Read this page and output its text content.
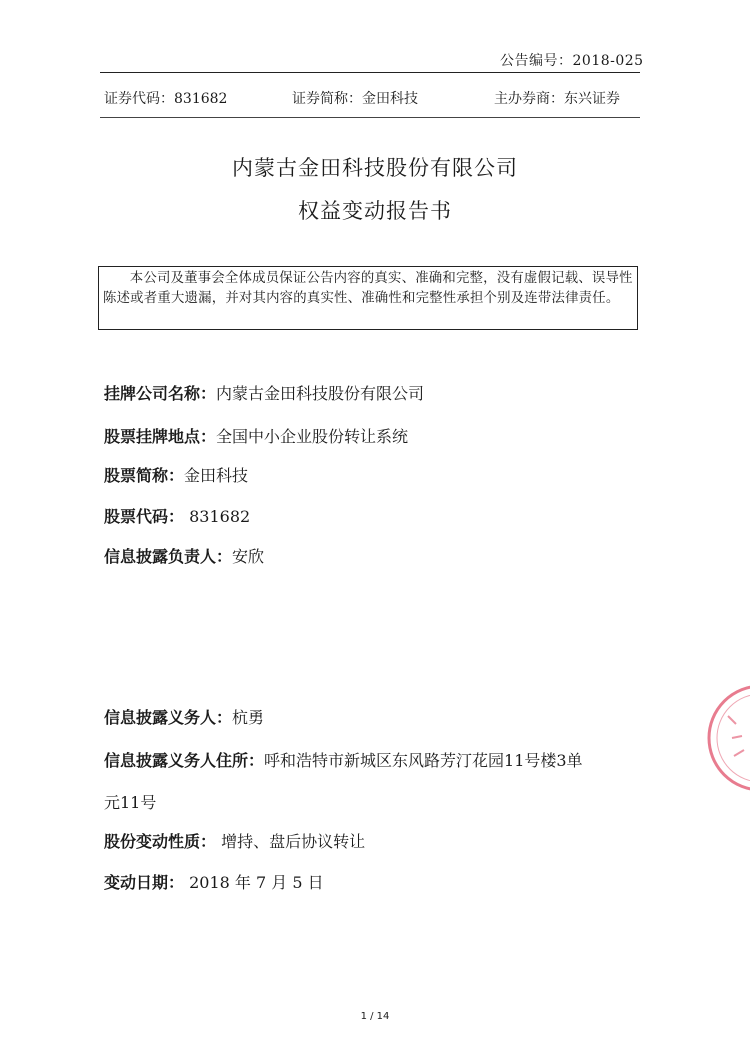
公告编号：2018-025
证券代码：831682	证券简称：金田科技	主办券商：东兴证券
内蒙古金田科技股份有限公司
权益变动报告书
本公司及董事会全体成员保证公告内容的真实、准确和完整，没有虚假记载、误导性陈述或者重大遗漏，并对其内容的真实性、准确性和完整性承担个别及连带法律责任。
挂牌公司名称：内蒙古金田科技股份有限公司
股票挂牌地点：全国中小企业股份转让系统
股票简称：金田科技
股票代码： 831682
信息披露负责人：安欣
信息披露义务人：杭勇
信息披露义务人住所：呼和浩特市新城区东风路芳汀花园11号楼3单
元11号
股份变动性质： 增持、盘后协议转让
变动日期： 2018 年 7 月 5 日
1 / 14
